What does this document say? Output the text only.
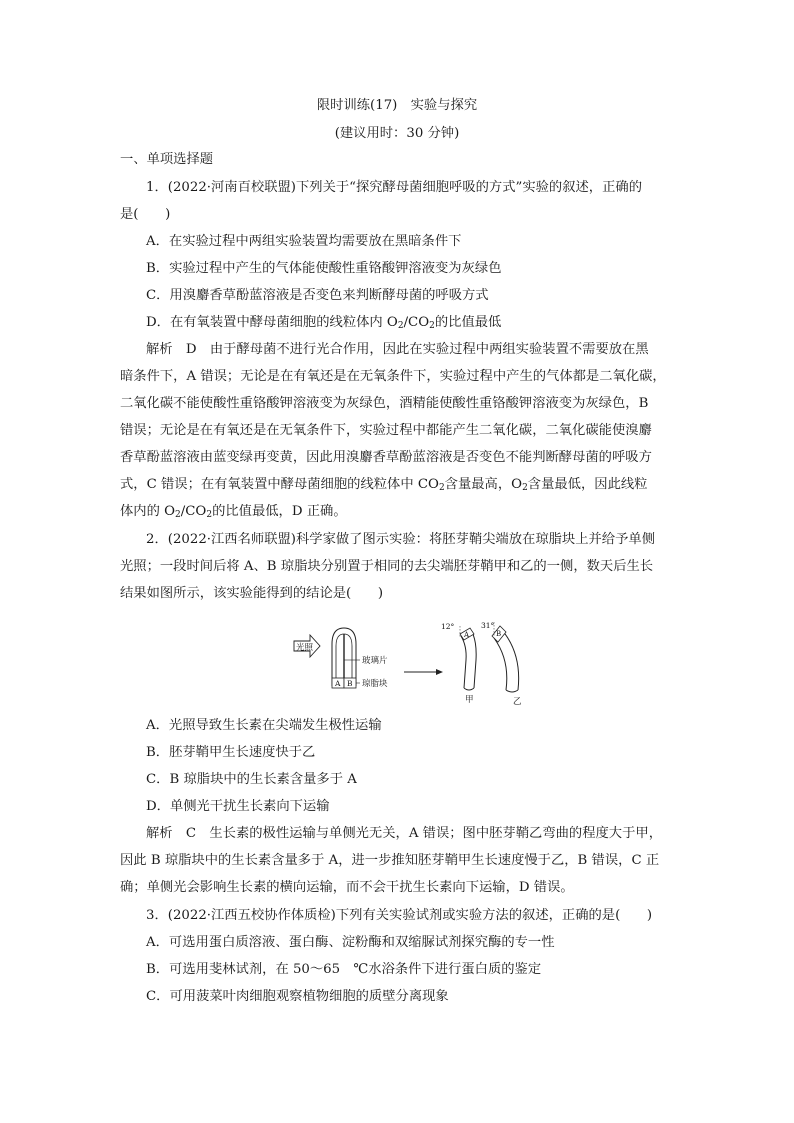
限时训练(17)　实验与探究
(建议用时：30 分钟)
一、单项选择题
1．(2022·河南百校联盟)下列关于“探究酵母菌细胞呼吸的方式”实验的叙述，正确的
是(　　)
A．在实验过程中两组实验装置均需要放在黑暗条件下
B．实验过程中产生的气体能使酸性重铬酸钾溶液变为灰绿色
C．用溴麝香草酚蓝溶液是否变色来判断酵母菌的呼吸方式
D．在有氧装置中酵母菌细胞的线粒体内 $O_2/CO_2$的比值最低
解析　D　由于酵母菌不进行光合作用，因此在实验过程中两组实验装置不需要放在黑
暗条件下，A 错误；无论是在有氧还是在无氧条件下，实验过程中产生的气体都是二氧化碳，
二氧化碳不能使酸性重铬酸钾溶液变为灰绿色，酒精能使酸性重铬酸钾溶液变为灰绿色，B
错误；无论是在有氧还是在无氧条件下，实验过程中都能产生二氧化碳，二氧化碳能使溴麝
香草酚蓝溶液由蓝变绿再变黄，因此用溴麝香草酚蓝溶液是否变色不能判断酵母菌的呼吸方
式，C 错误；在有氧装置中酵母菌细胞的线粒体中 $CO_2$含量最高，$O_2$含量最低，因此线粒
体内的 $O_2/CO_2$的比值最低，D 正确。
2．(2022·江西名师联盟)科学家做了图示实验：将胚芽鞘尖端放在琼脂块上并给予单侧
光照；一段时间后将 A、B 琼脂块分别置于相同的去尖端胚芽鞘甲和乙的一侧，数天后生长
结果如图所示，该实验能得到的结论是(　　)
光照
玻璃片
A B 琼脂块
A
12°
甲
B
31°
乙
A．光照导致生长素在尖端发生极性运输
B．胚芽鞘甲生长速度快于乙
C．B 琼脂块中的生长素含量多于 A
D．单侧光干扰生长素向下运输
解析　C　生长素的极性运输与单侧光无关，A 错误；图中胚芽鞘乙弯曲的程度大于甲，
因此 B 琼脂块中的生长素含量多于 A，进一步推知胚芽鞘甲生长速度慢于乙，B 错误，C 正
确；单侧光会影响生长素的横向运输，而不会干扰生长素向下运输，D 错误。
3．(2022·江西五校协作体质检)下列有关实验试剂或实验方法的叙述，正确的是(　　)
A．可选用蛋白质溶液、蛋白酶、淀粉酶和双缩脲试剂探究酶的专一性
B．可选用斐林试剂，在 50～65　℃水浴条件下进行蛋白质的鉴定
C．可用菠菜叶肉细胞观察植物细胞的质壁分离现象
